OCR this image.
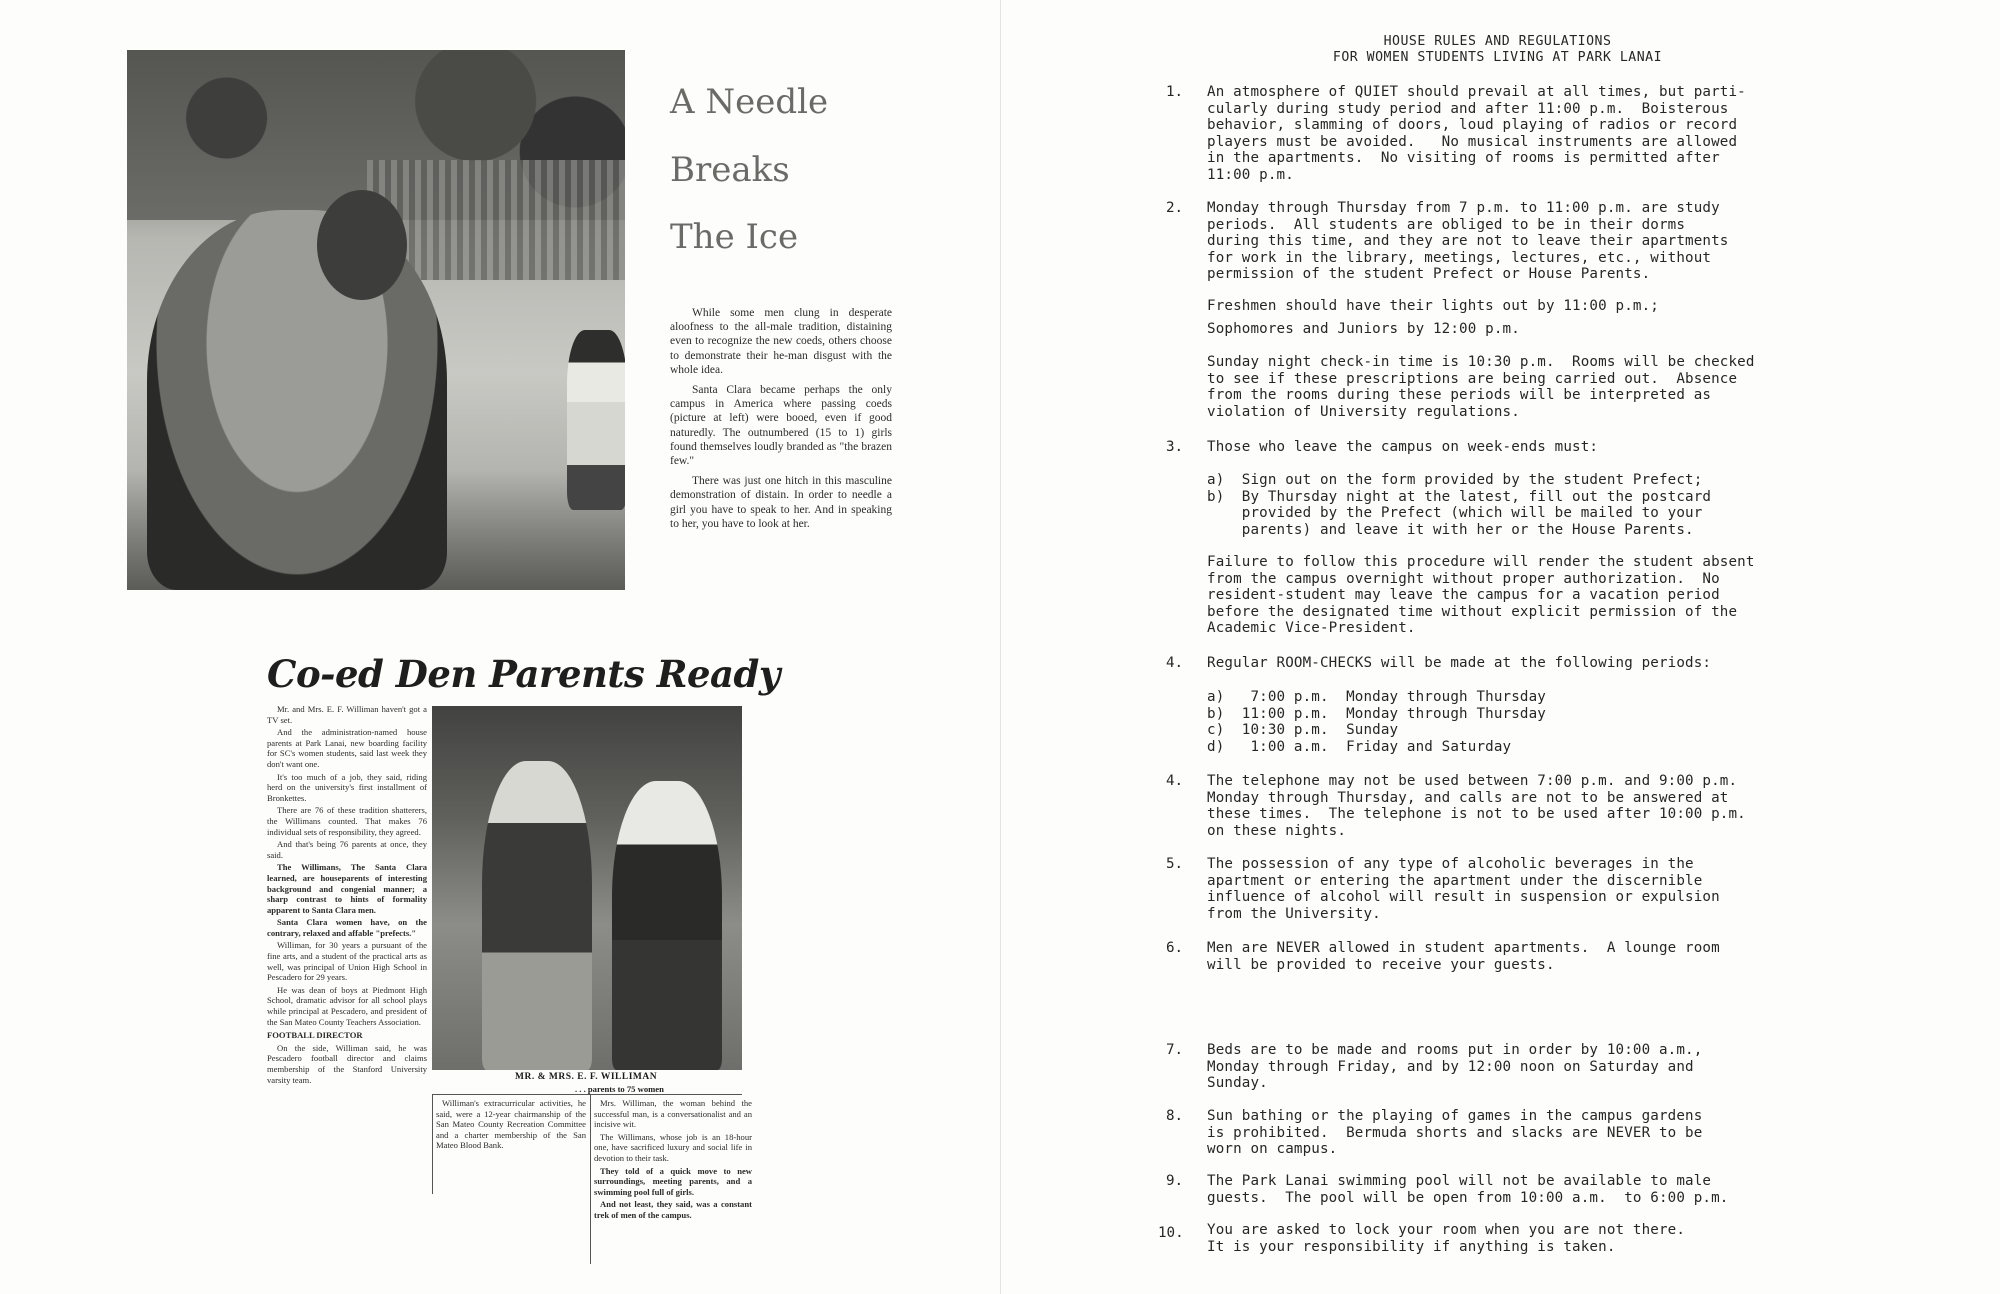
A Needle
Breaks
The Ice

While some men clung in desperate aloofness to the all-male tradition, distaining even to recognize the new coeds, others choose to demonstrate their he-man disgust with the whole idea.

Santa Clara became perhaps the only campus in America where passing coeds (picture at left) were booed, even if good naturedly. The outnumbered (15 to 1) girls found themselves loudly branded as "the brazen few."

There was just one hitch in this masculine demonstration of distain. In order to needle a girl you have to speak to her. And in speaking to her, you have to look at her.

Co-ed Den Parents Ready

Mr. and Mrs. E. F. Williman haven't got a TV set.

And the administration-named house parents at Park Lanai, new boarding facility for SC's women students, said last week they don't want one.

It's too much of a job, they said, riding herd on the university's first installment of Bronkettes.

There are 76 of these tradition shatterers, the Willimans counted. That makes 76 individual sets of responsibility, they agreed.

And that's being 76 parents at once, they said.

The Willimans, The Santa Clara learned, are houseparents of interesting background and congenial manner; a sharp contrast to hints of formality apparent to Santa Clara men.

Santa Clara women have, on the contrary, relaxed and affable "prefects."

Williman, for 30 years a pursuant of the fine arts, and a student of the practical arts as well, was principal of Union High School in Pescadero for 29 years.

He was dean of boys at Piedmont High School, dramatic advisor for all school plays while principal at Pescadero, and president of the San Mateo County Teachers Association.

FOOTBALL DIRECTOR

On the side, Williman said, he was Pescadero football director and claims membership of the Stanford University varsity team.	MR. & MRS. E. F. WILLIMAN
. . . parents to 75 women

Williman's extracurricular activities, he said, were a 12-year chairmanship of the San Mateo County Recreation Committee and a charter membership of the San Mateo Blood Bank.

Mrs. Williman, the woman behind the successful man, is a conversationalist and an incisive wit.

The Willimans, whose job is an 18-hour one, have sacrificed luxury and social life in devotion to their task.

They told of a quick move to new surroundings, meeting parents, and a swimming pool full of girls.

And not least, they said, was a constant trek of men of the campus.

HOUSE RULES AND REGULATIONS
FOR WOMEN STUDENTS LIVING AT PARK LANAI
1. An atmosphere of QUIET should prevail at all times, but parti-
cularly during study period and after 11:00 p.m.  Boisterous
behavior, slamming of doors, loud playing of radios or record
players must be avoided.   No musical instruments are allowed
in the apartments.  No visiting of rooms is permitted after
11:00 p.m.
2. Monday through Thursday from 7 p.m. to 11:00 p.m. are study
periods.  All students are obliged to be in their dorms
during this time, and they are not to leave their apartments
for work in the library, meetings, lectures, etc., without
permission of the student Prefect or House Parents.
Freshmen should have their lights out by 11:00 p.m.;
Sophomores and Juniors by 12:00 p.m.
Sunday night check-in time is 10:30 p.m.  Rooms will be checked
to see if these prescriptions are being carried out.  Absence
from the rooms during these periods will be interpreted as
violation of University regulations.
3. Those who leave the campus on week-ends must:
a)  Sign out on the form provided by the student Prefect;
b)  By Thursday night at the latest, fill out the postcard
provided by the Prefect (which will be mailed to your
parents) and leave it with her or the House Parents.
Failure to follow this procedure will render the student absent
from the campus overnight without proper authorization.  No
resident-student may leave the campus for a vacation period
before the designated time without explicit permission of the
Academic Vice-President.
4. Regular ROOM-CHECKS will be made at the following periods:
a)   7:00 p.m.  Monday through Thursday
b)  11:00 p.m.  Monday through Thursday
c)  10:30 p.m.  Sunday
d)   1:00 a.m.  Friday and Saturday
4. The telephone may not be used between 7:00 p.m. and 9:00 p.m.
Monday through Thursday, and calls are not to be answered at
these times.  The telephone is not to be used after 10:00 p.m.
on these nights.
5. The possession of any type of alcoholic beverages in the
apartment or entering the apartment under the discernible
influence of alcohol will result in suspension or expulsion
from the University.
6. Men are NEVER allowed in student apartments.  A lounge room
will be provided to receive your guests.
7. Beds are to be made and rooms put in order by 10:00 a.m.,
Monday through Friday, and by 12:00 noon on Saturday and
Sunday.
8. Sun bathing or the playing of games in the campus gardens
is prohibited.  Bermuda shorts and slacks are NEVER to be
worn on campus.
9. The Park Lanai swimming pool will not be available to male
guests.  The pool will be open from 10:00 a.m.  to 6:00 p.m.
10. You are asked to lock your room when you are not there.
It is your responsibility if anything is taken.
